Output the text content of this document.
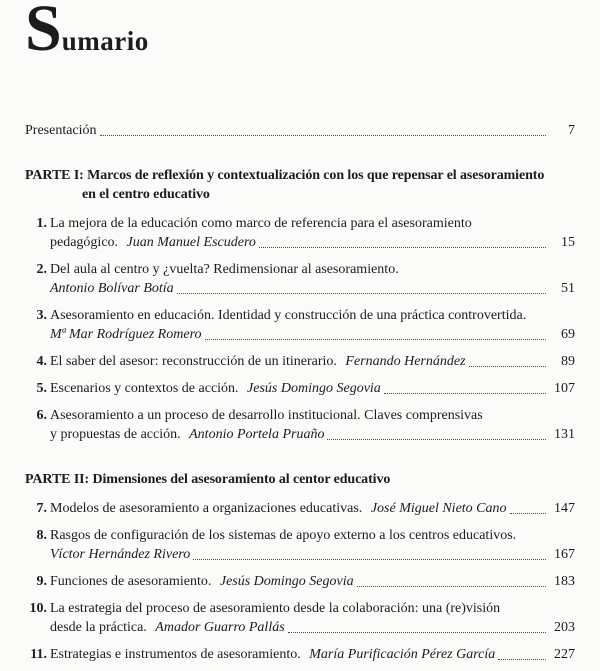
Sumario
Presentación	7
PARTE I: Marcos de reflexión y contextualización con los que repensar el asesoramiento
en el centro educativo
1. La mejora de la educación como marco de referencia para el asesoramiento
pedagógico. Juan Manuel Escudero	15
2. Del aula al centro y ¿vuelta? Redimensionar al asesoramiento.
Antonio Bolívar Botía	51
3. Asesoramiento en educación. Identidad y construcción de una práctica controvertida.
Mª Mar Rodríguez Romero	69
4. El saber del asesor: reconstrucción de un itinerario. Fernando Hernández	89
5. Escenarios y contextos de acción. Jesús Domingo Segovia	107
6. Asesoramiento a un proceso de desarrollo institucional. Claves comprensivas
y propuestas de acción. Antonio Portela Pruaño	131
PARTE II: Dimensiones del asesoramiento al centor educativo
7. Modelos de asesoramiento a organizaciones educativas. José Miguel Nieto Cano	147
8. Rasgos de configuración de los sistemas de apoyo externo a los centros educativos.
Víctor Hernández Rivero	167
9. Funciones de asesoramiento. Jesús Domingo Segovia	183
10. La estrategia del proceso de asesoramiento desde la colaboración: una (re)visión
desde la práctica. Amador Guarro Pallás	203
11. Estrategias e instrumentos de asesoramiento. María Purificación Pérez García	227
